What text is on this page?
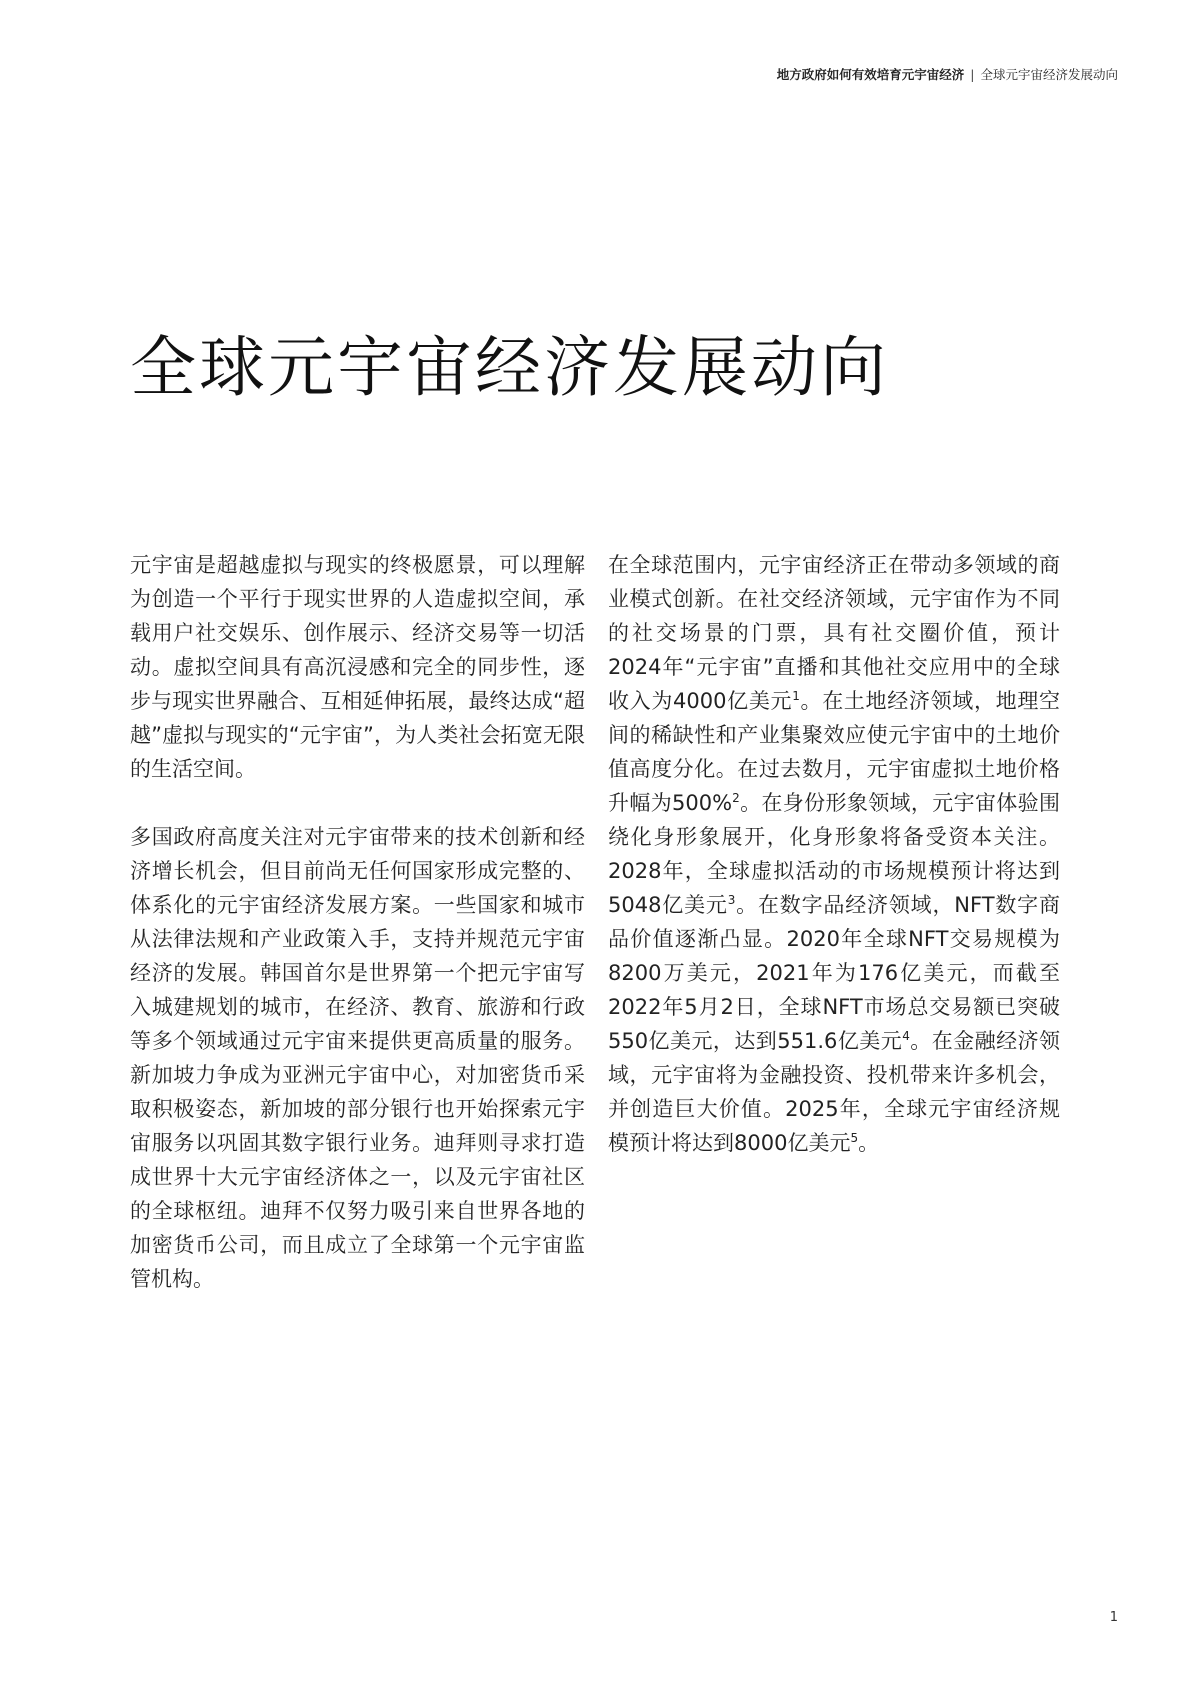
地方政府如何有效培育元宇宙经济 | 全球元宇宙经济发展动向
全球元宇宙经济发展动向

元宇宙是超越虚拟与现实的终极愿景，可以理解为创造一个平行于现实世界的人造虚拟空间，承载用户社交娱乐、创作展示、经济交易等一切活动。虚拟空间具有高沉浸感和完全的同步性，逐步与现实世界融合、互相延伸拓展，最终达成“超越”虚拟与现实的“元宇宙”，为人类社会拓宽无限的生活空间。

多国政府高度关注对元宇宙带来的技术创新和经济增长机会，但目前尚无任何国家形成完整的、体系化的元宇宙经济发展方案。一些国家和城市从法律法规和产业政策入手，支持并规范元宇宙经济的发展。韩国首尔是世界第一个把元宇宙写入城建规划的城市，在经济、教育、旅游和行政等多个领域通过元宇宙来提供更高质量的服务。新加坡力争成为亚洲元宇宙中心，对加密货币采取积极姿态，新加坡的部分银行也开始探索元宇宙服务以巩固其数字银行业务。迪拜则寻求打造成世界十大元宇宙经济体之一，以及元宇宙社区的全球枢纽。迪拜不仅努力吸引来自世界各地的加密货币公司，而且成立了全球第一个元宇宙监管机构。

在全球范围内，元宇宙经济正在带动多领域的商业模式创新。在社交经济领域，元宇宙作为不同的社交场景的门票，具有社交圈价值，预计2024年“元宇宙”直播和其他社交应用中的全球收入为4000亿美元$^1$。在土地经济领域，地理空间的稀缺性和产业集聚效应使元宇宙中的土地价值高度分化。在过去数月，元宇宙虚拟土地价格升幅为500%$^2$。在身份形象领域，元宇宙体验围绕化身形象展开，化身形象将备受资本关注。2028年，全球虚拟活动的市场规模预计将达到5048亿美元$^3$。在数字品经济领域，NFT数字商品价值逐渐凸显。2020年全球NFT交易规模为8200万美元，2021年为176亿美元，而截至2022年5月2日，全球NFT市场总交易额已突破550亿美元，达到551.6亿美元$^4$。在金融经济领域，元宇宙将为金融投资、投机带来许多机会，并创造巨大价值。2025年，全球元宇宙经济规模预计将达到8000亿美元$^5$。

1
